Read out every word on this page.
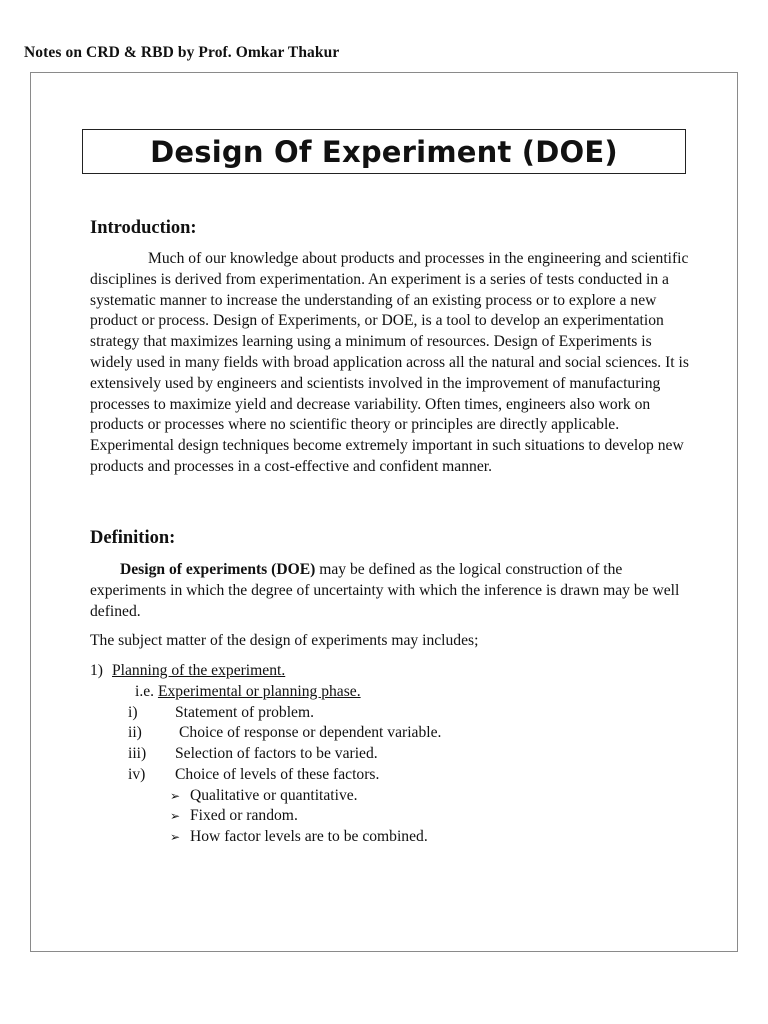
Notes on CRD & RBD by Prof. Omkar Thakur
Design Of Experiment (DOE)
Introduction:
Much of our knowledge about products and processes in the engineering and scientific disciplines is derived from experimentation. An experiment is a series of tests conducted in a systematic manner to increase the understanding of an existing process or to explore a new product or process. Design of Experiments, or DOE, is a tool to develop an experimentation strategy that maximizes learning using a minimum of resources. Design of Experiments is widely used in many fields with broad application across all the natural and social sciences. It is extensively used by engineers and scientists involved in the improvement of manufacturing processes to maximize yield and decrease variability. Often times, engineers also work on products or processes where no scientific theory or principles are directly applicable. Experimental design techniques become extremely important in such situations to develop new products and processes in a cost-effective and confident manner.
Definition:
Design of experiments (DOE) may be defined as the logical construction of the experiments in which the degree of uncertainty with which the inference is drawn may be well defined.
The subject matter of the design of experiments may includes;
1) Planning of the experiment.
i.e. Experimental or planning phase.
i) Statement of problem.
ii) Choice of response or dependent variable.
iii) Selection of factors to be varied.
iv) Choice of levels of these factors.
➢ Qualitative or quantitative.
➢ Fixed or random.
➢ How factor levels are to be combined.
